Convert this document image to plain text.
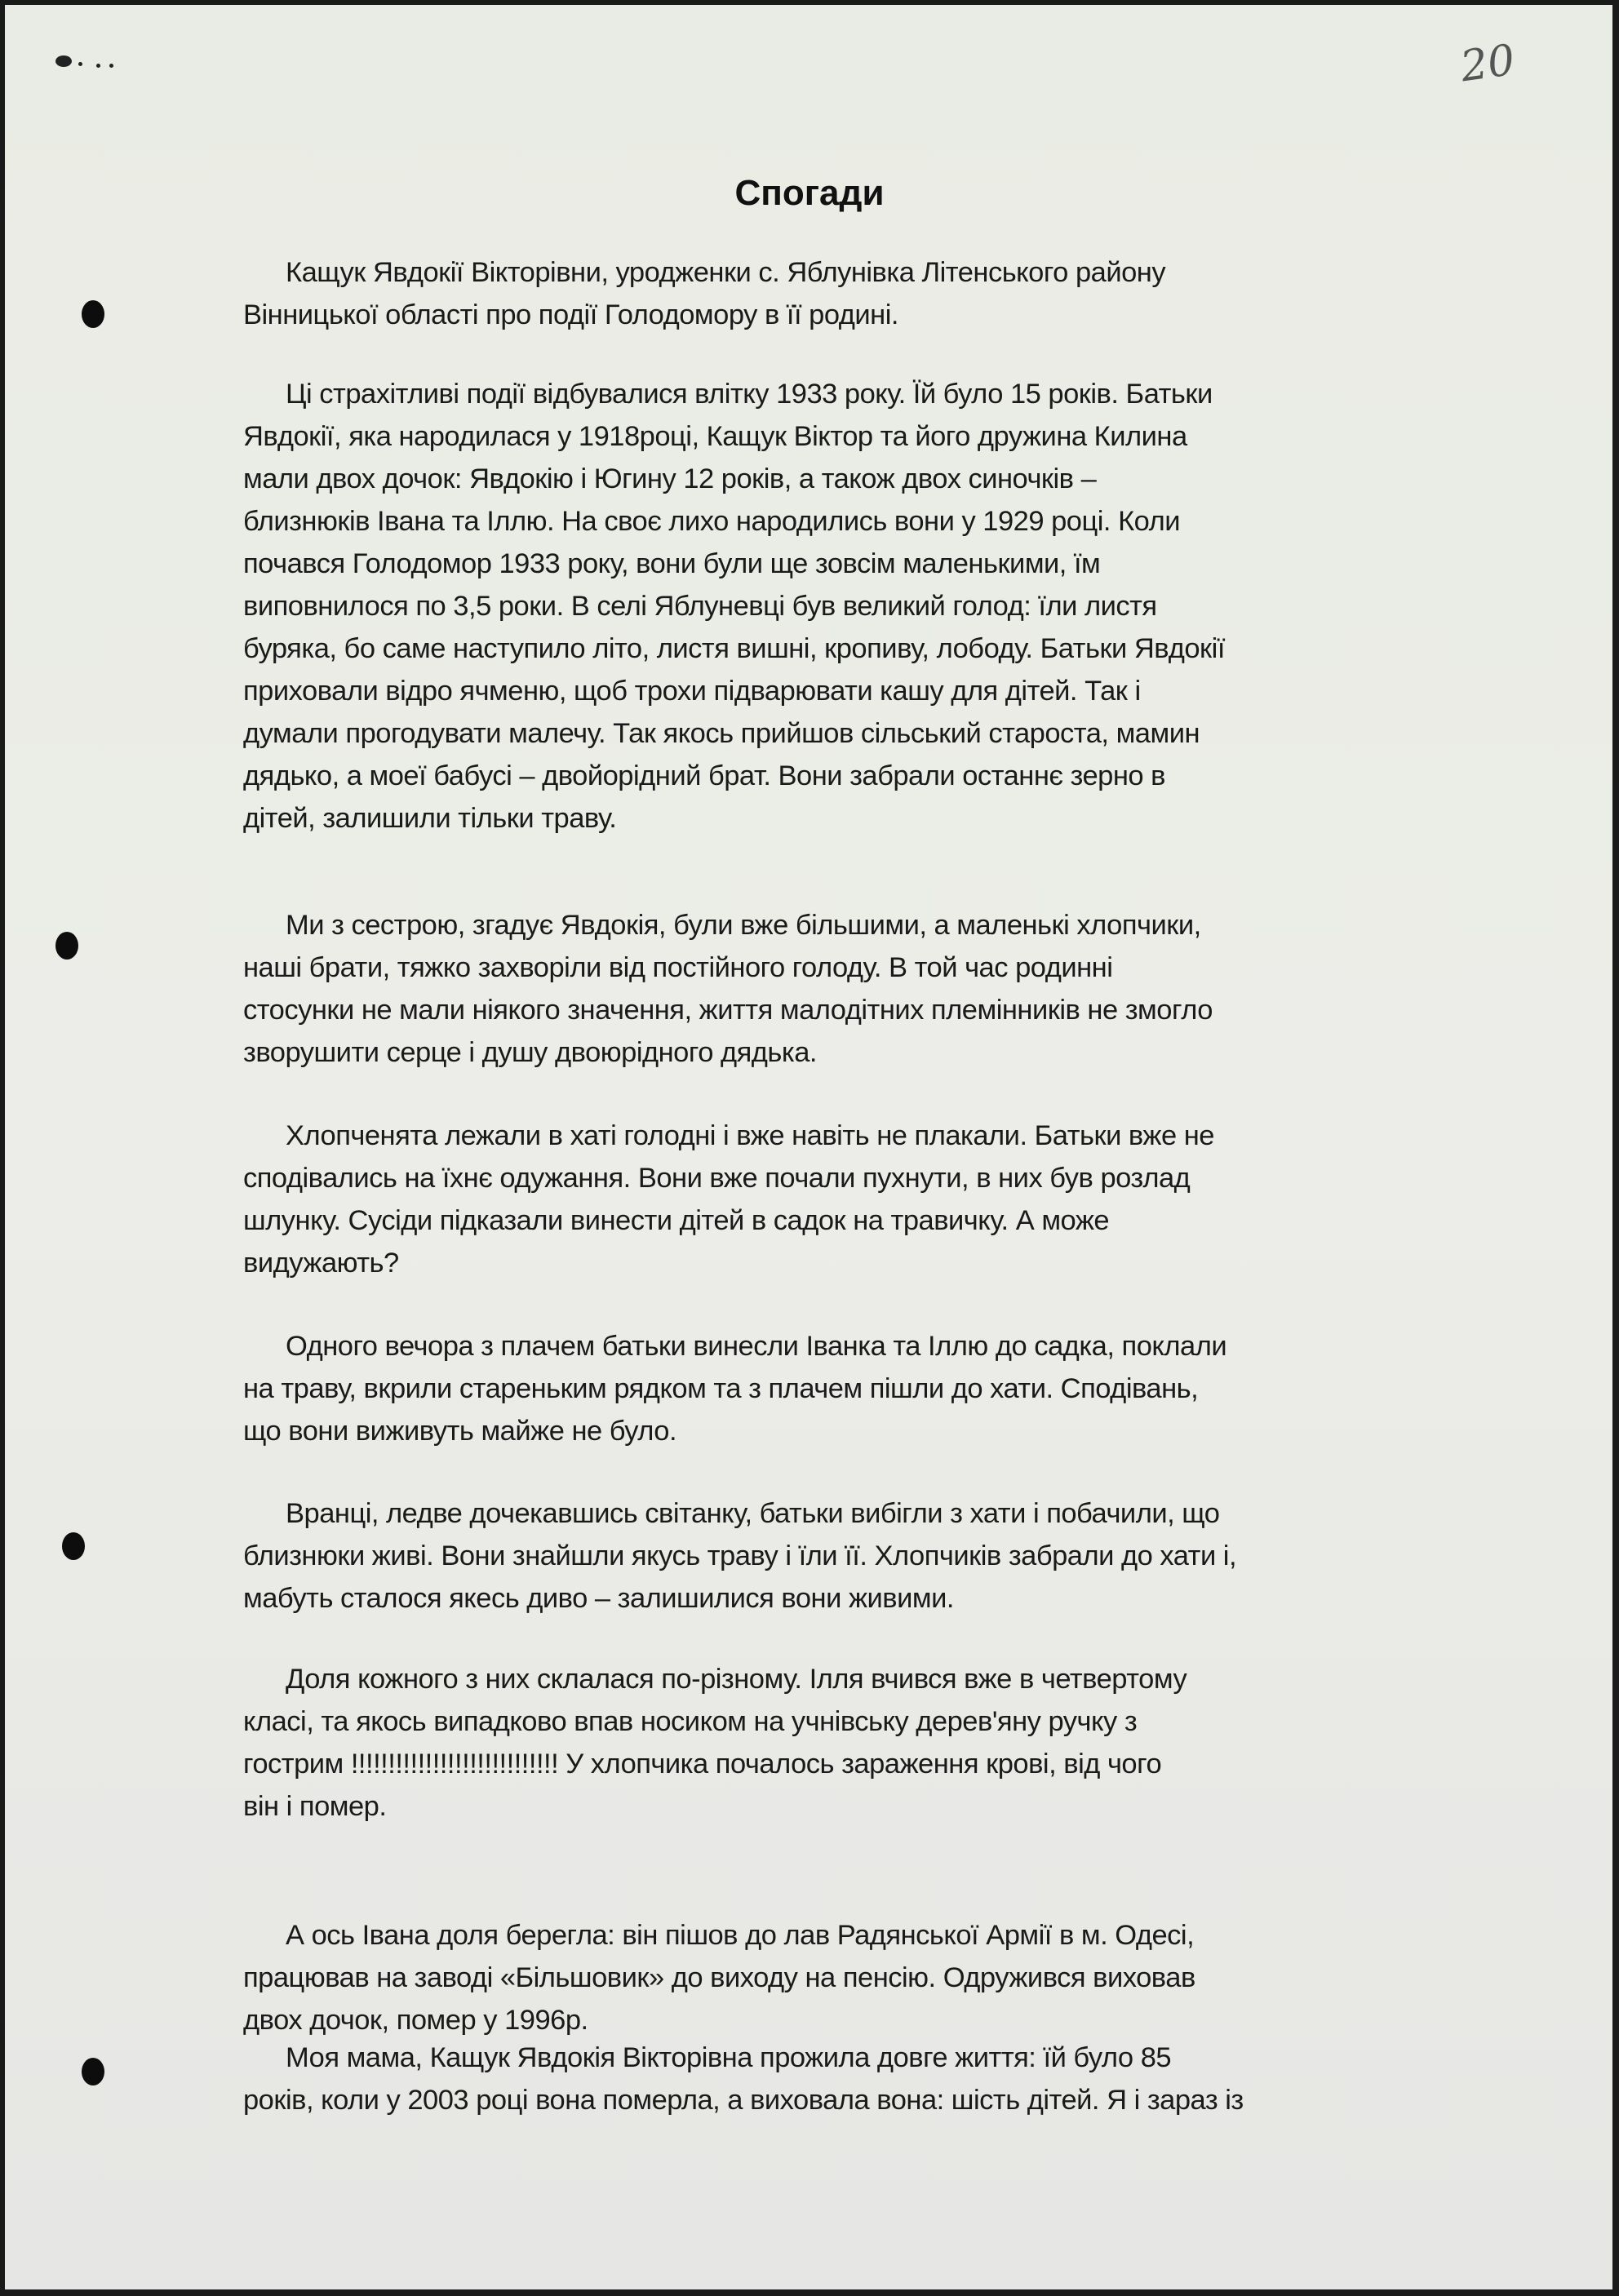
20
Спогади
Кащук Явдокії Вікторівни, уродженки с. Яблунівка Літенського району
Вінницької області про події Голодомору в її родині.
Ці страхітливі події відбувалися влітку 1933 року. Їй було 15 років. Батьки
Явдокії, яка народилася у 1918році, Кащук Віктор та його дружина Килина
мали двох дочок: Явдокію і Югину 12 років, а також двох синочків –
близнюків Івана та Іллю. На своє лихо народились вони у 1929 році. Коли
почався Голодомор 1933 року, вони були ще зовсім маленькими, їм
виповнилося по 3,5 роки. В селі Яблуневці був великий голод: їли листя
буряка, бо саме наступило літо, листя вишні, кропиву, лободу. Батьки Явдокії
приховали відро ячменю, щоб трохи підварювати кашу для дітей. Так і
думали прогодувати малечу. Так якось прийшов сільський староста, мамин
дядько, а моеї бабусі – двойорідний брат. Вони забрали останнє зерно в
дітей, залишили тільки траву.
Ми з сестрою, згадує Явдокія, були вже більшими, а маленькі хлопчики,
наші брати, тяжко захворіли від постійного голоду. В той час родинні
стосунки не мали ніякого значення, життя малодітних племінників не змогло
зворушити серце і душу двоюрідного дядька.
Хлопченята лежали в хаті голодні і вже навіть не плакали. Батьки вже не
сподівались на їхнє одужання. Вони вже почали пухнути, в них був розлад
шлунку. Сусіди підказали винести дітей в садок на травичку. А може
видужають?
Одного вечора з плачем батьки винесли Іванка та Іллю до садка, поклали
на траву, вкрили стареньким рядком та з плачем пішли до хати. Сподівань,
що вони виживуть майже не було.
Вранці, ледве дочекавшись світанку, батьки вибігли з хати і побачили, що
близнюки живі. Вони знайшли якусь траву і їли її. Хлопчиків забрали до хати і,
мабуть сталося якесь диво – залишилися вони живими.
Доля кожного з них склалася по-різному. Ілля вчився вже в четвертому
класі, та якось випадково впав носиком на учнівську дерев'яну ручку з
гострим !!!!!!!!!!!!!!!!!!!!!!!!!!!! У хлопчика почалось зараження крові, від чого
він і помер.
А ось Івана доля берегла: він пішов до лав Радянської Армії в м. Одесі,
працював на заводі «Більшовик» до виходу на пенсію. Одружився виховав
двох дочок, помер у 1996р.
Моя мама, Кащук Явдокія Вікторівна прожила довге життя: їй було 85
років, коли у 2003 році вона померла, а виховала вона: шість дітей. Я і зараз із
